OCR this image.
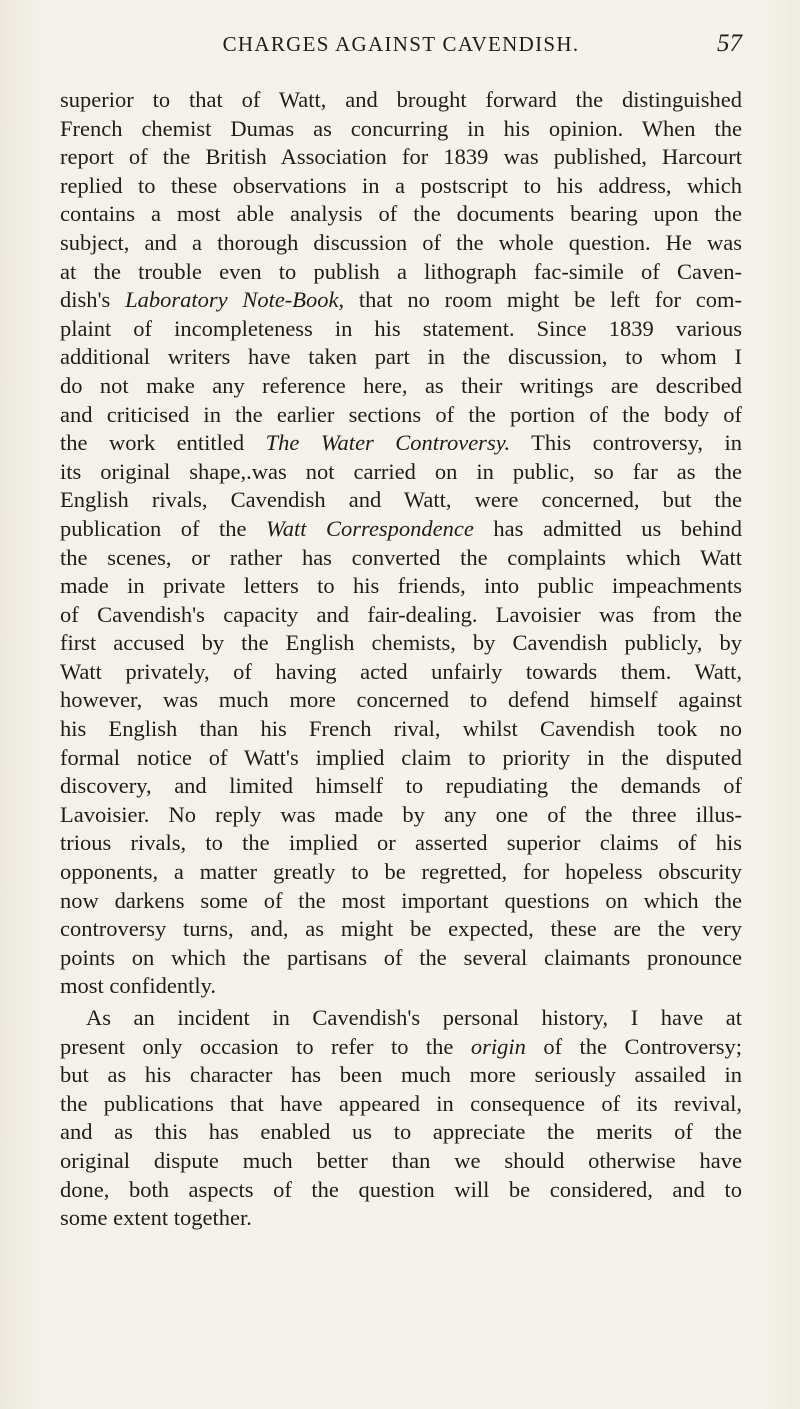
CHARGES AGAINST CAVENDISH.	57
superior to that of Watt, and brought forward the distinguished
French chemist Dumas as concurring in his opinion. When the
report of the British Association for 1839 was published, Harcourt
replied to these observations in a postscript to his address, which
contains a most able analysis of the documents bearing upon the
subject, and a thorough discussion of the whole question. He was
at the trouble even to publish a lithograph fac-simile of Caven-
dish's Laboratory Note-Book, that no room might be left for com-
plaint of incompleteness in his statement. Since 1839 various
additional writers have taken part in the discussion, to whom I
do not make any reference here, as their writings are described
and criticised in the earlier sections of the portion of the body of
the work entitled The Water Controversy. This controversy, in
its original shape,.was not carried on in public, so far as the
English rivals, Cavendish and Watt, were concerned, but the
publication of the Watt Correspondence has admitted us behind
the scenes, or rather has converted the complaints which Watt
made in private letters to his friends, into public impeachments
of Cavendish's capacity and fair-dealing. Lavoisier was from the
first accused by the English chemists, by Cavendish publicly, by
Watt privately, of having acted unfairly towards them. Watt,
however, was much more concerned to defend himself against
his English than his French rival, whilst Cavendish took no
formal notice of Watt's implied claim to priority in the disputed
discovery, and limited himself to repudiating the demands of
Lavoisier. No reply was made by any one of the three illus-
trious rivals, to the implied or asserted superior claims of his
opponents, a matter greatly to be regretted, for hopeless obscurity
now darkens some of the most important questions on which the
controversy turns, and, as might be expected, these are the very
points on which the partisans of the several claimants pronounce
most confidently.
As an incident in Cavendish's personal history, I have at
present only occasion to refer to the origin of the Controversy;
but as his character has been much more seriously assailed in
the publications that have appeared in consequence of its revival,
and as this has enabled us to appreciate the merits of the
original dispute much better than we should otherwise have
done, both aspects of the question will be considered, and to
some extent together.
